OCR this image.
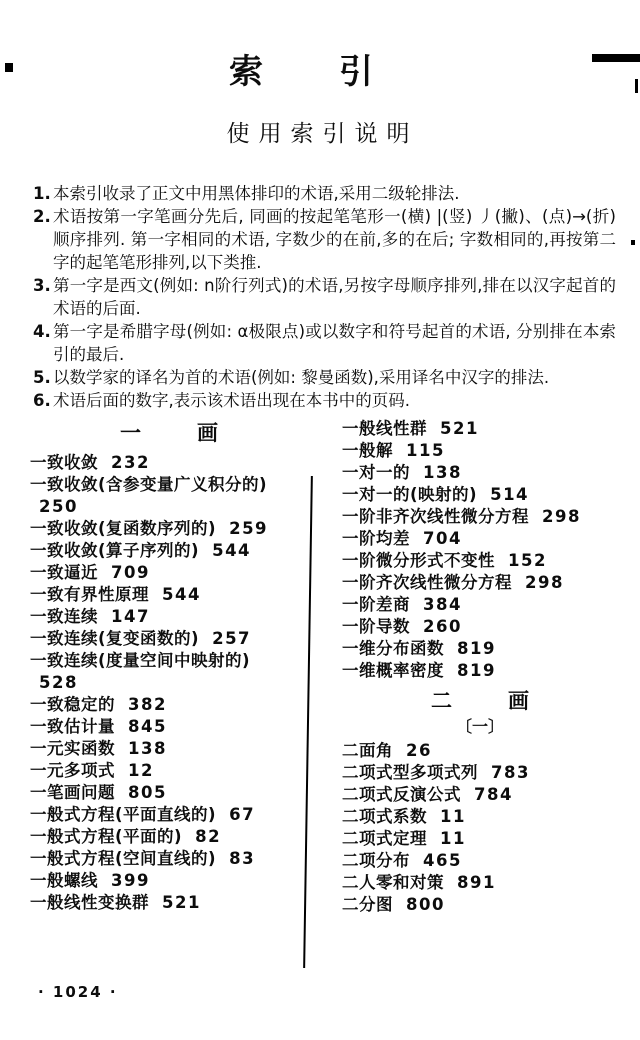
索引
使用索引说明
1. 本索引收录了正文中用黑体排印的术语,采用二级轮排法.
2. 术语按第一字笔画分先后, 同画的按起笔笔形一(横) |(竖) 丿(撇)、(点)→(折)顺序排列. 第一字相同的术语, 字数少的在前,多的在后; 字数相同的,再按第二字的起笔笔形排列,以下类推.
3. 第一字是西文(例如: n阶行列式)的术语,另按字母顺序排列,排在以汉字起首的术语的后面.
4. 第一字是希腊字母(例如: α极限点)或以数字和符号起首的术语, 分别排在本索引的最后.
5. 以数学家的译名为首的术语(例如: 黎曼函数),采用译名中汉字的排法.
6. 术语后面的数字,表示该术语出现在本书中的页码.
一	画
一致收敛 232
一致收敛(含参变量广义积分的)
250
一致收敛(复函数序列的) 259
一致收敛(算子序列的) 544
一致逼近 709
一致有界性原理 544
一致连续 147
一致连续(复变函数的) 257
一致连续(度量空间中映射的)
528
一致稳定的 382
一致估计量 845
一元实函数 138
一元多项式 12
一笔画问题 805
一般式方程(平面直线的) 67
一般式方程(平面的) 82
一般式方程(空间直线的) 83
一般螺线 399
一般线性变换群 521
一般线性群 521
一般解 115
一对一的 138
一对一的(映射的) 514
一阶非齐次线性微分方程 298
一阶均差 704
一阶微分形式不变性 152
一阶齐次线性微分方程 298
一阶差商 384
一阶导数 260
一维分布函数 819
一维概率密度 819
二	画
〔一〕
二面角 26
二项式型多项式列 783
二项式反演公式 784
二项式系数 11
二项式定理 11
二项分布 465
二人零和对策 891
二分图 800
· 1024 ·
